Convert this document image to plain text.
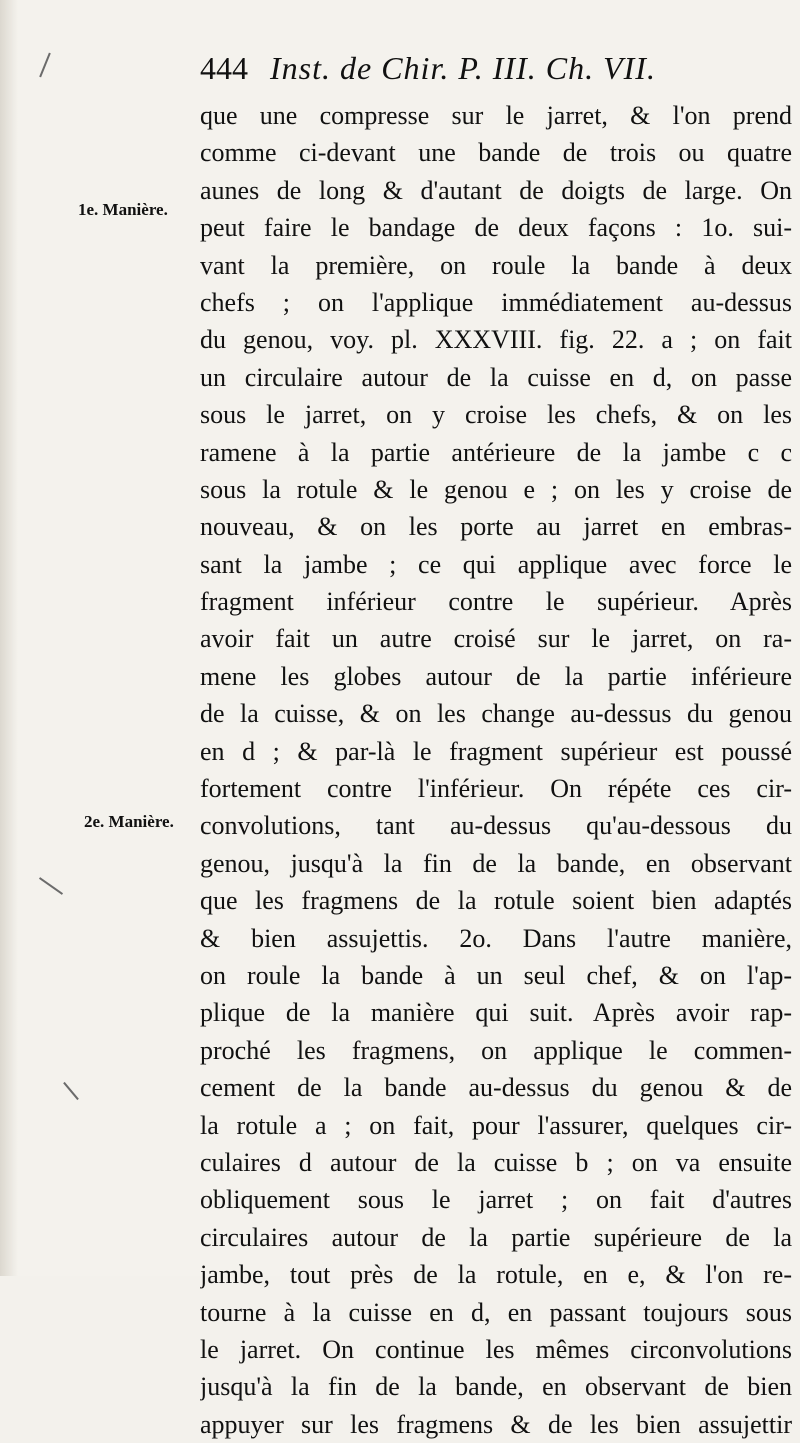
444 Inst. de Chir. P. III. Ch. VII.
1e. Manière.
2e. Manière.
que une compresse sur le jarret, & l'on prend
comme ci-devant une bande de trois ou quatre
aunes de long & d'autant de doigts de large. On
peut faire le bandage de deux façons : 1o. sui-
vant la première, on roule la bande à deux
chefs ; on l'applique immédiatement au-dessus
du genou, voy. pl. XXXVIII. fig. 22. a ; on fait
un circulaire autour de la cuisse en d, on passe
sous le jarret, on y croise les chefs, & on les
ramene à la partie antérieure de la jambe c c
sous la rotule & le genou e ; on les y croise de
nouveau, & on les porte au jarret en embras-
sant la jambe ; ce qui applique avec force le
fragment inférieur contre le supérieur. Après
avoir fait un autre croisé sur le jarret, on ra-
mene les globes autour de la partie inférieure
de la cuisse, & on les change au-dessus du genou
en d ; & par-là le fragment supérieur est poussé
fortement contre l'inférieur. On répéte ces cir-
convolutions, tant au-dessus qu'au-dessous du
genou, jusqu'à la fin de la bande, en observant
que les fragmens de la rotule soient bien adaptés
& bien assujettis. 2o. Dans l'autre manière,
on roule la bande à un seul chef, & on l'ap-
plique de la manière qui suit. Après avoir rap-
proché les fragmens, on applique le commen-
cement de la bande au-dessus du genou & de
la rotule a ; on fait, pour l'assurer, quelques cir-
culaires d autour de la cuisse b ; on va ensuite
obliquement sous le jarret ; on fait d'autres
circulaires autour de la partie supérieure de la
jambe, tout près de la rotule, en e, & l'on re-
tourne à la cuisse en d, en passant toujours sous
le jarret. On continue les mêmes circonvolutions
jusqu'à la fin de la bande, en observant de bien
appuyer sur les fragmens & de les bien assujettir
